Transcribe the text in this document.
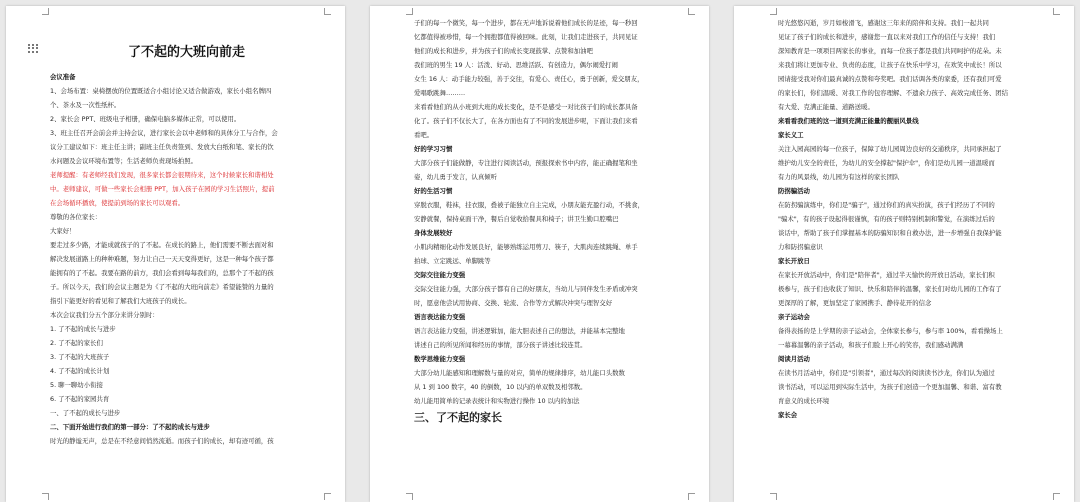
了不起的大班向前走

会议准备

1、会场布置：桌椅摆放的位置既适合小组讨论又适合做游戏，家长小组名牌四

个、茶水及一次性纸杯。

2、家长会 PPT、班级电子相册，确保电脑多媒体正常，可以使用。

3、班主任召开会前会并主持会议，进行家长会以中老师和的具体分工与合作，会

议分工建议如下：班主任主讲；副班主任负责签到、发放大白纸和笔、家长的饮

水问题及会议环境布置等；生活老师负责现场拍照。

老师提醒：有老师经我们发现，很多家长都会很期待来，这个时候家长和谐相处

中。老师建议，可做一些家长会相册 PPT，加入孩子在园的学习生活照片，提前

在会场循环播放，使提前到场的家长可以观看。

尊敬的各位家长：

大家好！

要走过多少路，才能成就孩子的了不起。在成长的路上，他们需要不断去面对和

解决发展道路上的种种难题，努力让自己一天天变得更好，这是一种每个孩子都

能拥有的了不起。我要在路的前方，我们会看到每每我们的，总那个了不起的孩

子。所以今天，我们的会议主题是为《了不起的大班向前走》希望能赞的力量的

指引下能更好的看见和了解我们大班孩子的成长。

本次会议我们分五个部分来讲分别时：

1. 了不起的成长与进步

2. 了不起的家长们

3. 了不起的大班孩子

4. 了不起的成长计划

5. 聊一聊幼小衔接

6. 了不起的家园共育

一、了不起的成长与进步

二、下面开始进行我们的第一部分：了不起的成长与进步

时光的静谧无声，总是在不经意间悄然流逝。而孩子们的成长，却有迹可循，孩

子们的每一个微笑，每一个进步，都在无声地诉说着他们成长的足迹，每一秒回

忆都值得被珍惜，每一个拥抱都值得被回味。此刻，让我们走进孩子，共同见证

他们的成长和进步，并为孩子们的成长变现鼓掌、点赞和加油吧

我们班的男生 19 人：活泼、好动、思维活跃、有创造力，偶尔闹爱打闹

女生 16 人：动手能力较强，善于交往，有爱心、责任心，勇于创新，爱交朋友，

爱唱歌跳舞………

来看看他们的从小班到大班的成长变化，是不是感受一对比孩子们的成长都具备

化了。孩子们不仅长大了，在各方面也有了不同的发展进步呢，下面让我们来看

看吧。

好的学习习惯

大部分孩子们能做静，专注进行阅读活动，预报探索书中内容，能正确握笔和坐

姿，幼儿勇于发言，认真倾听

好的生活习惯

穿脱衣服，鞋袜，挂衣服，叠被子能独立自主完成，小朋友能充盈行动，不挑食，

安静就餐，保持桌面干净，餐后自觉收拾餐具和椅子；讲卫生勤口腔嘴巴

身体发展较好

小肌肉精细化动作发展良好，能够熟练运用剪刀、筷子，大肌肉连续跳绳、单手

拍球、立定跳远、单脚跳等

交际交往能力变强

交际交往能力强，大部分孩子都有自己的好朋友，当幼儿与同伴发生矛盾或冲突

时，愿意他尝试用协商、交换、轮流、合作等方式解决冲突与理智交好

语言表达能力变强

语言表达能力变强，讲述逻辑加，能大胆表述自己的想法，并能基本完整地

讲述自己的所见所闻和经历的事情，部分孩子讲述比较连贯。

数学思维能力变强

大部分幼儿能感知和理解数与量的对应，简单的规律排序，幼儿能口头数数

从 1 到 100 数字，40 的倒数，10 以内的单双数及相邻数。

幼儿能用简单的记录表统计和实物进行操作 10 以内的加法

三、了不起的家长

时光悠悠闪逝，岁月如梭滑飞，感谢这三年来的陪伴和支持。我们一起共同

见证了孩子们的成长和进步，感谢您一直以来对我们工作的信任与支持！我们

深知教育是一项项目两家长的事业，而每一位孩子都是我们共同呵护的花朵。未

来我们将让更加专业、负责的态度，让孩子在快乐中学习，在欢笑中成长！所以

园请接受我对你们最真诚的点赞和夸奖吧。我们话调各类的家委，还有我们可爱

的家长们，你们温暖、对我工作的包容理解、不遗余力孩子、高效完成任务、团结

有大爱、克满正能量、道路送暖。

来看看我们班的这一道到充满正能量的靓丽风景线

家长义工

关注入园高园的每一位孩子，保障了幼儿园周边良好的交通秩序，共同承担起了

维护幼儿安全的责任，为幼儿的安全撑起"保护伞"，你们是幼儿园一道温暖而

有力的风景线，幼儿园为有这样的家长团队

防拐骗活动

在防拐骗演练中，你们是"骗子"，通过你们的真实扮演，孩子们经历了不同的

"骗术"，有的孩子设起得很谨慎，有的孩子则特别机制和警觉，在演练过后的

谈话中，帮助了孩子们掌握基本的防骗知识和自救办法，进一步增强自我保护能

力和防拐骗意识

家长开放日

在家长开放活动中，你们是"陪伴者"，通过半天愉快的开放日活动，家长们积

极参与，孩子们也收获了知识、快乐和陪伴的温馨，家长们对幼儿园的工作有了

更深厚的了解，更加坚定了家园携手、静待花开的信念

亲子运动会

备得表扬的是上学期的亲子运动会，全体家长参与，参与率 100%，看看操场上

一幕幕温馨的亲子活动，和孩子们脸上开心的笑容，我们感动满满

阅读月活动

在读书月活动中，你们是"引领者"，通过每次的阅读读书沙龙，你们认为通过

读书活动，可以运用到实际生活中，为孩子们创造一个更加温馨、和谐、富有教

育意义的成长环境

家长会
